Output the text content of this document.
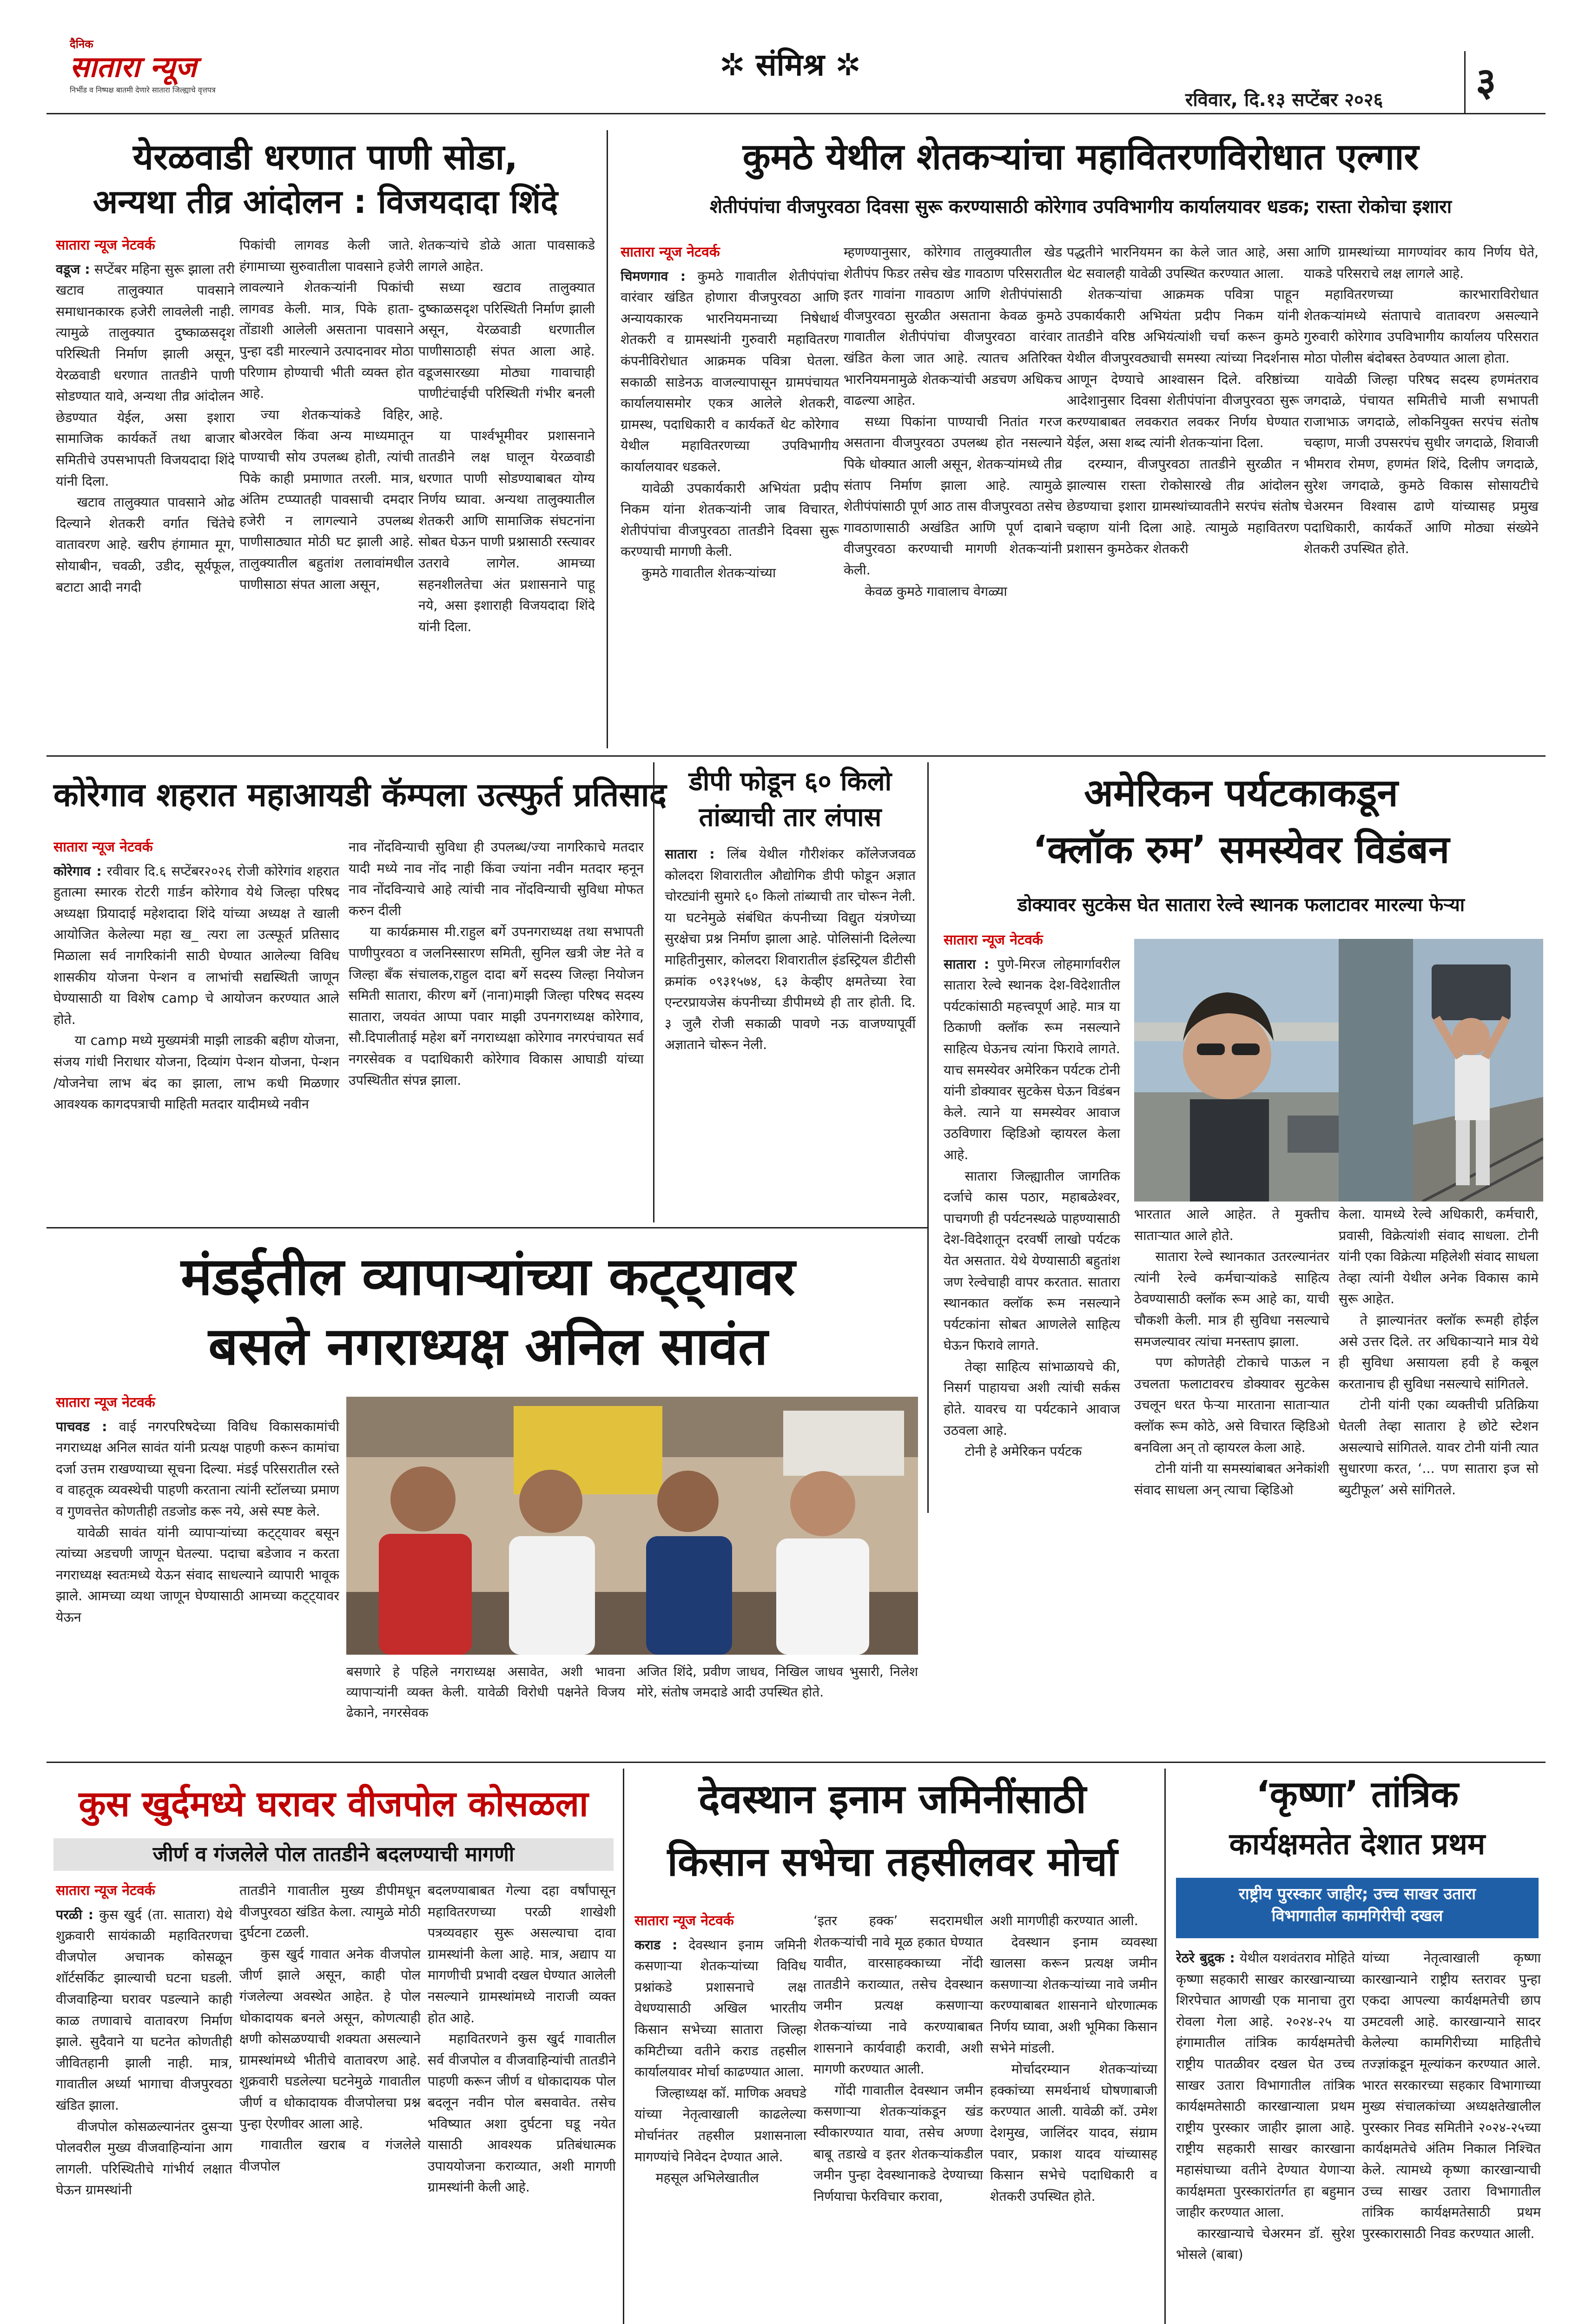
दैनिक
सातारा न्यूज
निर्भीड व निष्पक्ष बातमी देणारे सातारा जिल्ह्याचे वृत्तपत्र
✲ संमिश्र ✲
रविवार, दि.१३ सप्टेंबर २०२६ ३
येरळवाडी धरणात पाणी सोडा,
अन्यथा तीव्र आंदोलन : विजयदादा शिंदे
सातारा न्यूज नेटवर्क

वडूज : सप्टेंबर महिना सुरू झाला तरी खटाव तालुक्यात पावसाने समाधानकारक हजेरी लावलेली नाही. त्यामुळे तालुक्यात दुष्काळसदृश परिस्थिती निर्माण झाली असून, येरळवाडी धरणात तातडीने पाणी सोडण्यात यावे, अन्यथा तीव्र आंदोलन छेडण्यात येईल, असा इशारा सामाजिक कार्यकर्ते तथा बाजार समितीचे उपसभापती विजयदादा शिंदे यांनी दिला.

खटाव तालुक्यात पावसाने ओढ दिल्याने शेतकरी वर्गात चिंतेचे वातावरण आहे. खरीप हंगामात मूग, सोयाबीन, चवळी, उडीद, सूर्यफूल, बटाटा आदी नगदी

पिकांची लागवड केली जाते. हंगामाच्या सुरुवातीला पावसाने हजेरी लावल्याने शेतकऱ्यांनी पिकांची लागवड केली. मात्र, पिके हाता-तोंडाशी आलेली असताना पावसाने पुन्हा दडी मारल्याने उत्पादनावर मोठा परिणाम होण्याची भीती व्यक्त होत आहे.

ज्या शेतकऱ्यांकडे विहिर, बोअरवेल किंवा अन्य माध्यमातून पाण्याची सोय उपलब्ध होती, त्यांची पिके काही प्रमाणात तरली. मात्र, अंतिम टप्प्यातही पावसाची दमदार हजेरी न लागल्याने उपलब्ध पाणीसाठ्यात मोठी घट झाली आहे. तालुक्यातील बहुतांश तलावांमधील पाणीसाठा संपत आला असून,

शेतकऱ्यांचे डोळे आता पावसाकडे लागले आहेत.

सध्या खटाव तालुक्यात दुष्काळसदृश परिस्थिती निर्माण झाली असून, येरळवाडी धरणातील पाणीसाठाही संपत आला आहे. वडूजसारख्या मोठ्या गावाचाही पाणीटंचाईची परिस्थिती गंभीर बनली आहे.

या पार्श्वभूमीवर प्रशासनाने तातडीने लक्ष घालून येरळवाडी धरणात पाणी सोडण्याबाबत योग्य निर्णय घ्यावा. अन्यथा तालुक्यातील शेतकरी आणि सामाजिक संघटनांना सोबत घेऊन पाणी प्रश्नासाठी रस्त्यावर उतरावे लागेल. आमच्या सहनशीलतेचा अंत प्रशासनाने पाहू नये, असा इशाराही विजयदादा शिंदे यांनी दिला.

कुमठे येथील शेतकऱ्यांचा महावितरणविरोधात एल्गार
शेतीपंपांचा वीजपुरवठा दिवसा सुरू करण्यासाठी कोरेगाव उपविभागीय कार्यालयावर धडक; रास्ता रोकोचा इशारा
सातारा न्यूज नेटवर्क

चिमणगाव : कुमठे गावातील शेतीपंपांचा वारंवार खंडित होणारा वीजपुरवठा आणि अन्यायकारक भारनियमनाच्या निषेधार्थ शेतकरी व ग्रामस्थांनी गुरुवारी महावितरण कंपनीविरोधात आक्रमक पवित्रा घेतला. सकाळी साडेनऊ वाजल्यापासून ग्रामपंचायत कार्यालयासमोर एकत्र आलेले शेतकरी, ग्रामस्थ, पदाधिकारी व कार्यकर्ते थेट कोरेगाव येथील महावितरणच्या उपविभागीय कार्यालयावर धडकले.

यावेळी उपकार्यकारी अभियंता प्रदीप निकम यांना शेतकऱ्यांनी जाब विचारत, शेतीपंपांचा वीजपुरवठा तातडीने दिवसा सुरू करण्याची मागणी केली.

कुमठे गावातील शेतकऱ्यांच्या

म्हणण्यानुसार, कोरेगाव तालुक्यातील खेड शेतीपंप फिडर तसेच खेड गावठाण परिसरातील इतर गावांना गावठाण आणि शेतीपंपांसाठी वीजपुरवठा सुरळीत असताना केवळ कुमठे गावातील शेतीपंपांचा वीजपुरवठा वारंवार खंडित केला जात आहे. त्यातच अतिरिक्त भारनियमनामुळे शेतकऱ्यांची अडचण अधिकच वाढल्या आहेत.

सध्या पिकांना पाण्याची नितांत गरज असताना वीजपुरवठा उपलब्ध होत नसल्याने पिके धोक्यात आली असून, शेतकऱ्यांमध्ये तीव्र संताप निर्माण झाला आहे. त्यामुळे शेतीपंपांसाठी पूर्ण आठ तास वीजपुरवठा तसेच गावठाणासाठी अखंडित आणि पूर्ण दाबाने वीजपुरवठा करण्याची मागणी शेतकऱ्यांनी केली.

केवळ कुमठे गावालाच वेगळ्या

पद्धतीने भारनियमन का केले जात आहे, असा थेट सवालही यावेळी उपस्थित करण्यात आला.

शेतकऱ्यांचा आक्रमक पवित्रा पाहून उपकार्यकारी अभियंता प्रदीप निकम यांनी तातडीने वरिष्ठ अभियंत्यांशी चर्चा करून कुमठे येथील वीजपुरवठ्याची समस्या त्यांच्या निदर्शनास आणून देण्याचे आश्वासन दिले. वरिष्ठांच्या आदेशानुसार दिवसा शेतीपंपांना वीजपुरवठा सुरू करण्याबाबत लवकरात लवकर निर्णय घेण्यात येईल, असा शब्द त्यांनी शेतकऱ्यांना दिला.

दरम्यान, वीजपुरवठा तातडीने सुरळीत न झाल्यास रास्ता रोकोसारखे तीव्र आंदोलन छेडण्याचा इशारा ग्रामस्थांच्यावतीने सरपंच संतोष चव्हाण यांनी दिला आहे. त्यामुळे महावितरण प्रशासन कुमठेकर शेतकरी

आणि ग्रामस्थांच्या मागण्यांवर काय निर्णय घेते, याकडे परिसराचे लक्ष लागले आहे.

महावितरणच्या कारभाराविरोधात शेतकऱ्यांमध्ये संतापाचे वातावरण असल्याने गुरुवारी कोरेगाव उपविभागीय कार्यालय परिसरात मोठा पोलीस बंदोबस्त ठेवण्यात आला होता.

यावेळी जिल्हा परिषद सदस्य हणमंतराव जगदाळे, पंचायत समितीचे माजी सभापती राजाभाऊ जगदाळे, लोकनियुक्त सरपंच संतोष चव्हाण, माजी उपसरपंच सुधीर जगदाळे, शिवाजी भीमराव रोमण, हणमंत शिंदे, दिलीप जगदाळे, सुरेश जगदाळे, कुमठे विकास सोसायटीचे चेअरमन विश्वास ढाणे यांच्यासह प्रमुख पदाधिकारी, कार्यकर्ते आणि मोठ्या संख्येने शेतकरी उपस्थित होते.

कोरेगाव शहरात महाआयडी कॅम्पला उत्स्फुर्त प्रतिसाद
सातारा न्यूज नेटवर्क

कोरेगाव : रवीवार दि.६ सप्टेंबर२०२६ रोजी कोरेगांव शहरात हुतात्मा स्मारक रोटरी गार्डन कोरेगाव येथे जिल्हा परिषद अध्यक्षा प्रियादाई महेशदादा शिंदे यांच्या अध्यक्ष ते खाली आयोजित केलेल्या महा ख_ त्यरा ला उत्स्फूर्त प्रतिसाद मिळाला सर्व नागरिकांनी साठी घेण्यात आलेल्या विविध शासकीय योजना पेन्शन व लाभांची सद्यस्थिती जाणून घेण्यासाठी या विशेष camp चे आयोजन करण्यात आले होते.

या camp मध्ये मुख्यमंत्री माझी लाडकी बहीण योजना, संजय गांधी निराधार योजना, दिव्यांग पेन्शन योजना, पेन्शन /योजनेचा लाभ बंद का झाला, लाभ कधी मिळणार आवश्यक कागदपत्राची माहिती मतदार यादीमध्ये नवीन

नाव नोंदविन्याची सुविधा ही उपलब्ध/ज्या नागरिकाचे मतदार यादी मध्ये नाव नोंद नाही किंवा ज्यांना नवीन मतदार म्हनून नाव नोंदविन्याचे आहे त्यांची नाव नोंदविन्याची सुविधा मोफत करुन दीली

या कार्यक्रमास मी.राहुल बर्गे उपनगराध्यक्ष तथा सभापती पाणीपुरवठा व जलनिस्सारण समिती, सुनिल खत्री जेष्ट नेते व जिल्हा बँक संचालक,राहुल दादा बर्गे सदस्य जिल्हा नियोजन समिती सातारा, कीरण बर्गे (नाना)माझी जिल्हा परिषद सदस्य सातारा, जयवंत आप्पा पवार माझी उपनगराध्यक्ष कोरेगाव, सौ.दिपालीताई महेश बर्गे नगराध्यक्षा कोरेगाव नगरपंचायत सर्व नगरसेवक व पदाधिकारी कोरेगाव विकास आघाडी यांच्या उपस्थितीत संपन्न झाला.

डीपी फोडून ६० किलो
तांब्याची तार लंपास

सातारा : लिंब येथील गौरीशंकर कॉलेजजवळ कोलदरा शिवारातील औद्योगिक डीपी फोडून अज्ञात चोरट्यांनी सुमारे ६० किलो तांब्याची तार चोरून नेली. या घटनेमुळे संबंधित कंपनीच्या विद्युत यंत्रणेच्या सुरक्षेचा प्रश्न निर्माण झाला आहे. पोलिसांनी दिलेल्या माहितीनुसार, कोलदरा शिवारातील इंडस्ट्रियल डीटीसी क्रमांक ०९३१५७४, ६३ केव्हीए क्षमतेच्या रेवा एन्टरप्रायजेस कंपनीच्या डीपीमध्ये ही तार होती. दि. ३ जुलै रोजी सकाळी पावणे नऊ वाजण्यापूर्वी अज्ञाताने चोरून नेली.

अमेरिकन पर्यटकाकडून
‘क्लॉक रुम’ समस्येवर विडंबन
डोक्यावर सुटकेस घेत सातारा रेल्वे स्थानक फलाटावर मारल्या फेऱ्या
सातारा न्यूज नेटवर्क

सातारा : पुणे-मिरज लोहमार्गावरील सातारा रेल्वे स्थानक देश-विदेशातील पर्यटकांसाठी महत्त्वपूर्ण आहे. मात्र या ठिकाणी क्लॉक रूम नसल्याने साहित्य घेऊनच त्यांना फिरावे लागते. याच समस्येवर अमेरिकन पर्यटक टोनी यांनी डोक्यावर सुटकेस घेऊन विडंबन केले. त्याने या समस्येवर आवाज उठविणारा व्हिडिओ व्हायरल केला आहे.

सातारा जिल्ह्यातील जागतिक दर्जाचे कास पठार, महाबळेश्वर, पाचगणी ही पर्यटनस्थळे पाहण्यासाठी देश-विदेशातून दरवर्षी लाखो पर्यटक येत असतात. येथे येण्यासाठी बहुतांश जण रेल्वेचाही वापर करतात. सातारा स्थानकात क्लॉक रूम नसल्याने पर्यटकांना सोबत आणलेले साहित्य घेऊन फिरावे लागते.

तेव्हा साहित्य सांभाळायचे की, निसर्ग पाहायचा अशी त्यांची सर्कस होते. यावरच या पर्यटकाने आवाज उठवला आहे.

टोनी हे अमेरिकन पर्यटक

भारतात आले आहेत. ते मुक्तीच साताऱ्यात आले होते.

सातारा रेल्वे स्थानकात उतरल्यानंतर त्यांनी रेल्वे कर्मचाऱ्यांकडे साहित्य ठेवण्यासाठी क्लॉक रूम आहे का, याची चौकशी केली. मात्र ही सुविधा नसल्याचे समजल्यावर त्यांचा मनस्ताप झाला.

पण कोणतेही टोकाचे पाऊल न उचलता फलाटावरच डोक्यावर सुटकेस उचलून धरत फेऱ्या मारताना साताऱ्यात क्लॉक रूम कोठे, असे विचारत व्हिडिओ बनविला अन् तो व्हायरल केला आहे.

टोनी यांनी या समस्यांबाबत अनेकांशी संवाद साधला अन् त्याचा व्हिडिओ

केला. यामध्ये रेल्वे अधिकारी, कर्मचारी, प्रवासी, विक्रेत्यांशी संवाद साधला. टोनी यांनी एका विक्रेत्या महिलेशी संवाद साधला तेव्हा त्यांनी येथील अनेक विकास कामे सुरू आहेत.

ते झाल्यानंतर क्लॉक रूमही होईल असे उत्तर दिले. तर अधिकाऱ्याने मात्र येथे ही सुविधा असायला हवी हे कबूल करतानाच ही सुविधा नसल्याचे सांगितले.

टोनी यांनी एका व्यक्तीची प्रतिक्रिया घेतली तेव्हा सातारा हे छोटे स्टेशन असल्याचे सांगितले. यावर टोनी यांनी त्यात सुधारणा करत, ‘... पण सातारा इज सो ब्युटीफूल’ असे सांगितले.

मंडईतील व्यापाऱ्यांच्या कट्ट्यावर
बसले नगराध्यक्ष अनिल सावंत
सातारा न्यूज नेटवर्क

पाचवड : वाई नगरपरिषदेच्या विविध विकासकामांची नगराध्यक्ष अनिल सावंत यांनी प्रत्यक्ष पाहणी करून कामांचा दर्जा उत्तम राखण्याच्या सूचना दिल्या. मंडई परिसरातील रस्ते व वाहतूक व्यवस्थेची पाहणी करताना त्यांनी स्टॉलच्या प्रमाण व गुणवत्तेत कोणतीही तडजोड करू नये, असे स्पष्ट केले.

यावेळी सावंत यांनी व्यापाऱ्यांच्या कट्ट्यावर बसून त्यांच्या अडचणी जाणून घेतल्या. पदाचा बडेजाव न करता नगराध्यक्ष स्वतःमध्ये येऊन संवाद साधल्याने व्यापारी भावूक झाले. आमच्या व्यथा जाणून घेण्यासाठी आमच्या कट्ट्यावर येऊन

बसणारे हे पहिले नगराध्यक्ष असावेत, अशी भावना व्यापाऱ्यांनी व्यक्त केली. यावेळी विरोधी पक्षनेते विजय ढेकाने, नगरसेवक
अजित शिंदे, प्रवीण जाधव, निखिल जाधव भुसारी, निलेश मोरे, संतोष जमदाडे आदी उपस्थित होते.
कुस खुर्दमध्ये घरावर वीजपोल कोसळला
जीर्ण व गंजलेले पोल तातडीने बदलण्याची मागणी
सातारा न्यूज नेटवर्क

परळी : कुस खुर्द (ता. सातारा) येथे शुक्रवारी सायंकाळी महावितरणचा वीजपोल अचानक कोसळून शॉर्टसर्किट झाल्याची घटना घडली. वीजवाहिन्या घरावर पडल्याने काही काळ तणावाचे वातावरण निर्माण झाले. सुदैवाने या घटनेत कोणतीही जीवितहानी झाली नाही. मात्र, गावातील अर्ध्या भागाचा वीजपुरवठा खंडित झाला.

वीजपोल कोसळल्यानंतर दुसऱ्या पोलवरील मुख्य वीजवाहिन्यांना आग लागली. परिस्थितीचे गांभीर्य लक्षात घेऊन ग्रामस्थांनी

तातडीने गावातील मुख्य डीपीमधून वीजपुरवठा खंडित केला. त्यामुळे मोठी दुर्घटना टळली.

कुस खुर्द गावात अनेक वीजपोल जीर्ण झाले असून, काही पोल गंजलेल्या अवस्थेत आहेत. हे पोल धोकादायक बनले असून, कोणत्याही क्षणी कोसळण्याची शक्यता असल्याने ग्रामस्थांमध्ये भीतीचे वातावरण आहे. शुक्रवारी घडलेल्या घटनेमुळे गावातील जीर्ण व धोकादायक वीजपोलचा प्रश्न पुन्हा ऐरणीवर आला आहे.

गावातील खराब व गंजलेले वीजपोल

बदलण्याबाबत गेल्या दहा वर्षांपासून महावितरणच्या परळी शाखेशी पत्रव्यवहार सुरू असल्याचा दावा ग्रामस्थांनी केला आहे. मात्र, अद्याप या मागणीची प्रभावी दखल घेण्यात आलेली नसल्याने ग्रामस्थांमध्ये नाराजी व्यक्त होत आहे.

महावितरणने कुस खुर्द गावातील सर्व वीजपोल व वीजवाहिन्यांची तातडीने पाहणी करून जीर्ण व धोकादायक पोल बदलून नवीन पोल बसवावेत. तसेच भविष्यात अशा दुर्घटना घडू नयेत यासाठी आवश्यक प्रतिबंधात्मक उपाययोजना कराव्यात, अशी मागणी ग्रामस्थांनी केली आहे.

देवस्थान इनाम जमिनींसाठी
किसान सभेचा तहसीलवर मोर्चा
सातारा न्यूज नेटवर्क

कराड : देवस्थान इनाम जमिनी कसणाऱ्या शेतकऱ्यांच्या विविध प्रश्नांकडे प्रशासनाचे लक्ष वेधण्यासाठी अखिल भारतीय किसान सभेच्या सातारा जिल्हा कमिटीच्या वतीने कराड तहसील कार्यालयावर मोर्चा काढण्यात आला.

जिल्हाध्यक्ष कॉ. माणिक अवघडे यांच्या नेतृत्वाखाली काढलेल्या मोर्चानंतर तहसील प्रशासनाला मागण्यांचे निवेदन देण्यात आले.

महसूल अभिलेखातील

‘इतर हक्क’ सदरामधील शेतकऱ्यांची नावे मूळ हकात घेण्यात यावीत, वारसाहक्काच्या नोंदी तातडीने कराव्यात, तसेच देवस्थान जमीन प्रत्यक्ष कसणाऱ्या शेतकऱ्यांच्या नावे करण्याबाबत शासनाने कार्यवाही करावी, अशी मागणी करण्यात आली.

गोंदी गावातील देवस्थान जमीन कसणाऱ्या शेतकऱ्यांकडून खंड स्वीकारण्यात यावा, तसेच अण्णा बाबू तडाखे व इतर शेतकऱ्यांकडील जमीन पुन्हा देवस्थानाकडे देण्याच्या निर्णयाचा फेरविचार करावा,

अशी मागणीही करण्यात आली.

देवस्थान इनाम व्यवस्था खालसा करून प्रत्यक्ष जमीन कसणाऱ्या शेतकऱ्यांच्या नावे जमीन करण्याबाबत शासनाने धोरणात्मक निर्णय घ्यावा, अशी भूमिका किसान सभेने मांडली.

मोर्चादरम्यान शेतकऱ्यांच्या हक्कांच्या समर्थनार्थ घोषणाबाजी करण्यात आली. यावेळी कॉ. उमेश देशमुख, जालिंदर यादव, संग्राम पवार, प्रकाश यादव यांच्यासह किसान सभेचे पदाधिकारी व शेतकरी उपस्थित होते.

‘कृष्णा’ तांत्रिक
कार्यक्षमतेत देशात प्रथम
राष्ट्रीय पुरस्कार जाहीर; उच्च साखर उतारा
विभागातील कामगिरीची दखल

रेठरे बुद्रुक : येथील यशवंतराव मोहिते कृष्णा सहकारी साखर कारखान्याच्या शिरपेचात आणखी एक मानाचा तुरा रोवला गेला आहे. २०२४-२५ या हंगामातील तांत्रिक कार्यक्षमतेची राष्ट्रीय पातळीवर दखल घेत उच्च साखर उतारा विभागातील तांत्रिक कार्यक्षमतेसाठी कारखान्याला प्रथम राष्ट्रीय पुरस्कार जाहीर झाला आहे. राष्ट्रीय सहकारी साखर कारखाना महासंघाच्या वतीने देण्यात येणाऱ्या कार्यक्षमता पुरस्कारांतर्गत हा बहुमान जाहीर करण्यात आला.

कारखान्याचे चेअरमन डॉ. सुरेश भोसले (बाबा)

यांच्या नेतृत्वाखाली कृष्णा कारखान्याने राष्ट्रीय स्तरावर पुन्हा एकदा आपल्या कार्यक्षमतेची छाप उमटवली आहे. कारखान्याने सादर केलेल्या कामगिरीच्या माहितीचे तज्ज्ञांकडून मूल्यांकन करण्यात आले. भारत सरकारच्या सहकार विभागाच्या मुख्य संचालकांच्या अध्यक्षतेखालील पुरस्कार निवड समितीने २०२४-२५च्या कार्यक्षमतेचे अंतिम निकाल निश्चित केले. त्यामध्ये कृष्णा कारखान्याची उच्च साखर उतारा विभागातील तांत्रिक कार्यक्षमतेसाठी प्रथम पुरस्कारासाठी निवड करण्यात आली.
